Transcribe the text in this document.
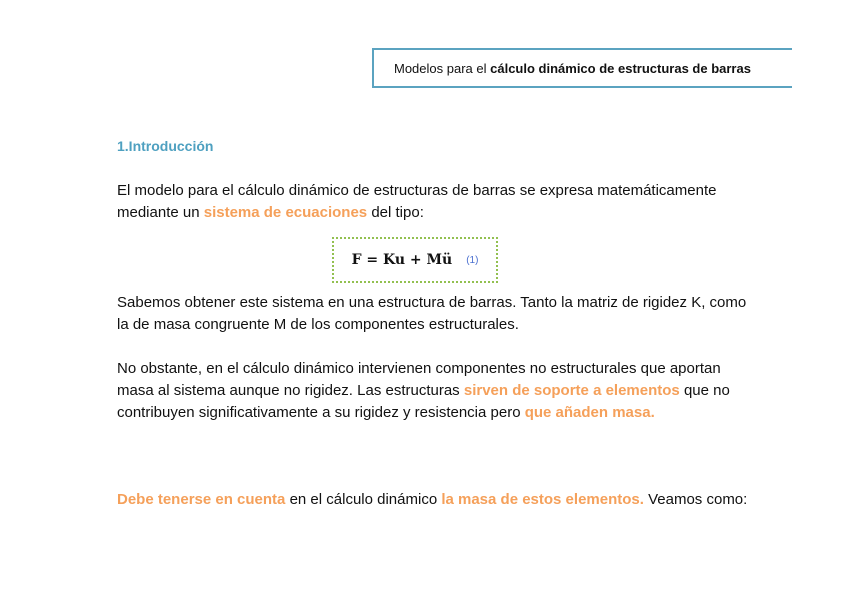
Modelos para el
cálculo dinámico de estructuras de barras
1.Introducción

El modelo para el cálculo dinámico de estructuras de barras se expresa matemáticamente mediante un sistema de ecuaciones del tipo:

F = Ku + Mü (1)

Sabemos obtener este sistema en una estructura de barras. Tanto la matriz de rigidez K, como la de masa congruente M de los componentes estructurales.

No obstante, en el cálculo dinámico intervienen componentes no estructurales que aportan masa al sistema aunque no rigidez. Las estructuras sirven de soporte a elementos que no contribuyen significativamente a su rigidez y resistencia pero que añaden masa.

Debe tenerse en cuenta en el cálculo dinámico la masa de estos elementos. Veamos como:
